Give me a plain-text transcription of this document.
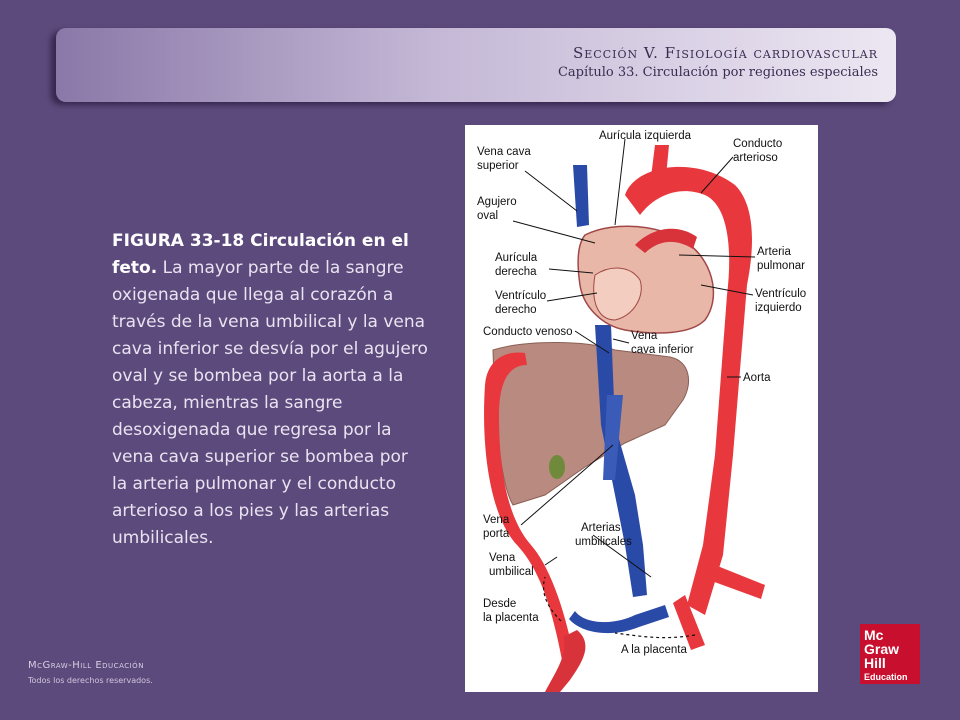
Sección V. Fisiología cardiovascular
Capítulo 33. Circulación por regiones especiales
FIGURA 33-18 Circulación en el feto. La mayor parte de la sangre oxigenada que llega al corazón a través de la vena umbilical y la vena cava inferior se desvía por el agujero oval y se bombea por la aorta a la cabeza, mientras la sangre desoxigenada que regresa por la vena cava superior se bombea por la arteria pulmonar y el conducto arterioso a los pies y las arterias umbilicales.
Aurícula izquierda
Vena cava
superior
Conducto
arterioso
Agujero
oval
Aurícula
derecha
Arteria
pulmonar
Ventrículo
derecho
Ventrículo
izquierdo
Conducto venoso	Vena
cava inferior
Aorta
Vena
porta	Arterias
umbilicales
Vena
umbilical
Desde
la placenta
A la placenta
McGraw-Hill Educación
Todos los derechos reservados.
Mc
Graw
Hill
Education
